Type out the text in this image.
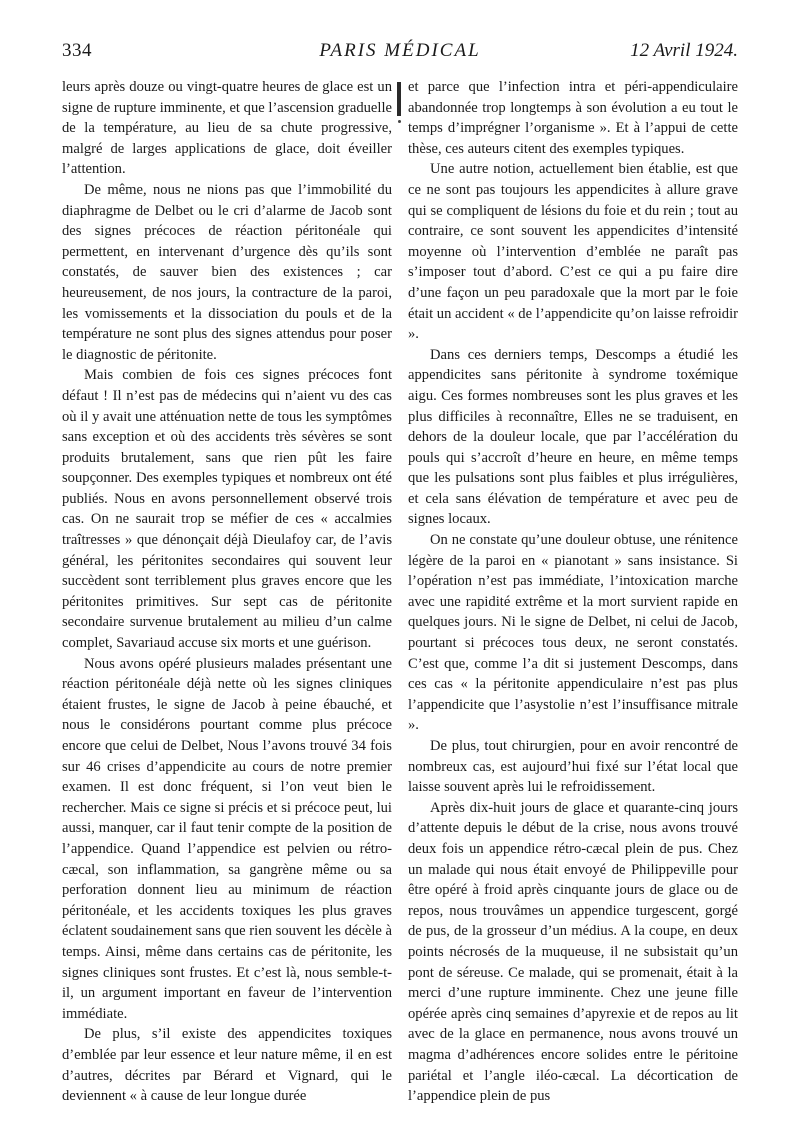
334	PARIS MÉDICAL	12 Avril 1924.

leurs après douze ou vingt-quatre heures de glace est un signe de rupture imminente, et que l’ascension graduelle de la température, au lieu de sa chute progressive, malgré de larges applications de glace, doit éveiller l’attention.

De même, nous ne nions pas que l’immobilité du diaphragme de Delbet ou le cri d’alarme de Jacob sont des signes précoces de réaction péritonéale qui permettent, en intervenant d’urgence dès qu’ils sont constatés, de sauver bien des existences ; car heureusement, de nos jours, la contracture de la paroi, les vomissements et la dissociation du pouls et de la température ne sont plus des signes attendus pour poser le diagnostic de péritonite.

Mais combien de fois ces signes précoces font défaut ! Il n’est pas de médecins qui n’aient vu des cas où il y avait une atténuation nette de tous les symptômes sans exception et où des accidents très sévères se sont produits brutalement, sans que rien pût les faire soupçonner. Des exemples typiques et nombreux ont été publiés. Nous en avons personnellement observé trois cas. On ne saurait trop se méfier de ces « accalmies traîtresses » que dénonçait déjà Dieulafoy car, de l’avis général, les péritonites secondaires qui souvent leur succèdent sont terriblement plus graves encore que les péritonites primitives. Sur sept cas de péritonite secondaire survenue brutalement au milieu d’un calme complet, Savariaud accuse six morts et une guérison.

Nous avons opéré plusieurs malades présentant une réaction péritonéale déjà nette où les signes cliniques étaient frustes, le signe de Jacob à peine ébauché, et nous le considérons pourtant comme plus précoce encore que celui de Delbet, Nous l’avons trouvé 34 fois sur 46 crises d’appendicite au cours de notre premier examen. Il est donc fréquent, si l’on veut bien le rechercher. Mais ce signe si précis et si précoce peut, lui aussi, manquer, car il faut tenir compte de la position de l’appendice. Quand l’appendice est pelvien ou rétro-cæcal, son inflammation, sa gangrène même ou sa perforation donnent lieu au minimum de réaction péritonéale, et les accidents toxiques les plus graves éclatent soudainement sans que rien souvent les décèle à temps. Ainsi, même dans certains cas de péritonite, les signes cliniques sont frustes. Et c’est là, nous semble-t-il, un argument important en faveur de l’intervention immédiate.

De plus, s’il existe des appendicites toxiques d’emblée par leur essence et leur nature même, il en est d’autres, décrites par Bérard et Vignard, qui le deviennent « à cause de leur longue durée

et parce que l’infection intra et péri-appendiculaire abandonnée trop longtemps à son évolution a eu tout le temps d’imprégner l’organisme ». Et à l’appui de cette thèse, ces auteurs citent des exemples typiques.

Une autre notion, actuellement bien établie, est que ce ne sont pas toujours les appendicites à allure grave qui se compliquent de lésions du foie et du rein ; tout au contraire, ce sont souvent les appendicites d’intensité moyenne où l’intervention d’emblée ne paraît pas s’imposer tout d’abord. C’est ce qui a pu faire dire d’une façon un peu paradoxale que la mort par le foie était un accident « de l’appendicite qu’on laisse refroidir ».

Dans ces derniers temps, Descomps a étudié les appendicites sans péritonite à syndrome toxémique aigu. Ces formes nombreuses sont les plus graves et les plus difficiles à reconnaître, Elles ne se traduisent, en dehors de la douleur locale, que par l’accélération du pouls qui s’accroît d’heure en heure, en même temps que les pulsations sont plus faibles et plus irrégulières, et cela sans élévation de température et avec peu de signes locaux.

On ne constate qu’une douleur obtuse, une rénitence légère de la paroi en « pianotant » sans insistance. Si l’opération n’est pas immédiate, l’intoxication marche avec une rapidité extrême et la mort survient rapide en quelques jours. Ni le signe de Delbet, ni celui de Jacob, pourtant si précoces tous deux, ne seront constatés. C’est que, comme l’a dit si justement Descomps, dans ces cas « la péritonite appendiculaire n’est pas plus l’appendicite que l’asystolie n’est l’insuffisance mitrale ».

De plus, tout chirurgien, pour en avoir rencontré de nombreux cas, est aujourd’hui fixé sur l’état local que laisse souvent après lui le refroidissement.

Après dix-huit jours de glace et quarante-cinq jours d’attente depuis le début de la crise, nous avons trouvé deux fois un appendice rétro-cæcal plein de pus. Chez un malade qui nous était envoyé de Philippeville pour être opéré à froid après cinquante jours de glace ou de repos, nous trouvâmes un appendice turgescent, gorgé de pus, de la grosseur d’un médius. A la coupe, en deux points nécrosés de la muqueuse, il ne subsistait qu’un pont de séreuse. Ce malade, qui se promenait, était à la merci d’une rupture imminente. Chez une jeune fille opérée après cinq semaines d’apyrexie et de repos au lit avec de la glace en permanence, nous avons trouvé un magma d’adhérences encore solides entre le péritoine pariétal et l’angle iléo-cæcal. La décortication de l’appendice plein de pus
